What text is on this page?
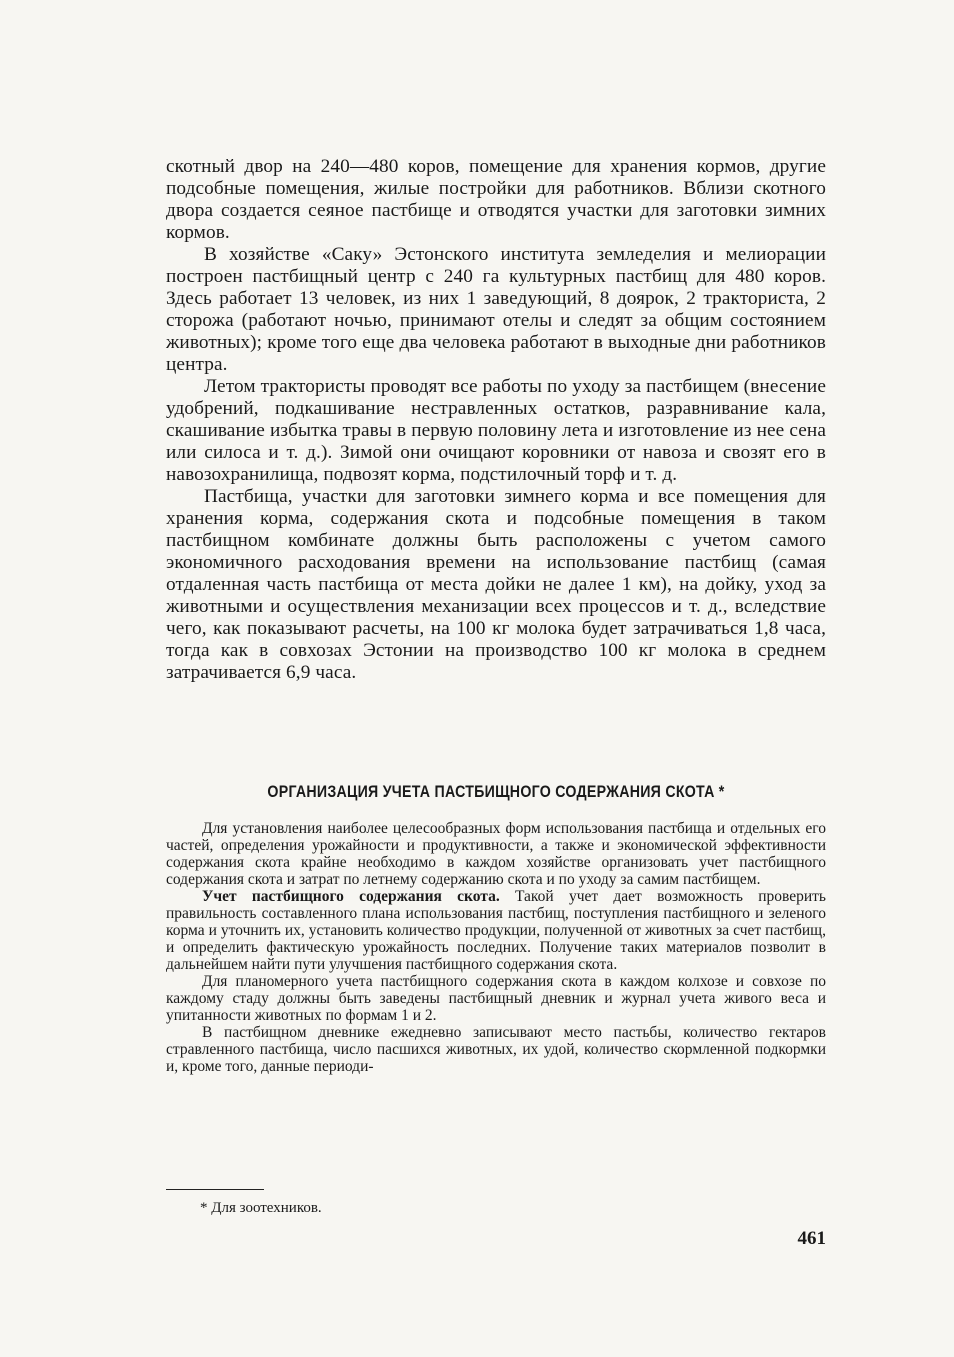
скотный двор на 240—480 коров, помещение для хранения кормов, другие подсобные помещения, жилые постройки для работников. Вблизи скотного двора создается сеяное пастбище и отводятся участки для заготовки зимних кормов.

В хозяйстве «Саку» Эстонского института земледелия и мелиорации построен пастбищный центр с 240 га культурных пастбищ для 480 коров. Здесь работает 13 человек, из них 1 заведующий, 8 доярок, 2 тракториста, 2 сторожа (работают ночью, принимают отелы и следят за общим состоянием животных); кроме того еще два человека работают в выходные дни работников центра.

Летом трактористы проводят все работы по уходу за пастбищем (внесение удобрений, подкашивание нестравленных остатков, разравнивание кала, скашивание избытка травы в первую половину лета и изготовление из нее сена или силоса и т. д.). Зимой они очищают коровники от навоза и свозят его в навозохранилища, подвозят корма, подстилочный торф и т. д.

Пастбища, участки для заготовки зимнего корма и все помещения для хранения корма, содержания скота и подсобные помещения в таком пастбищном комбинате должны быть расположены с учетом самого экономичного расходования времени на использование пастбищ (самая отдаленная часть пастбища от места дойки не далее 1 км), на дойку, уход за животными и осуществления механизации всех процессов и т. д., вследствие чего, как показывают расчеты, на 100 кг молока будет затрачиваться 1,8 часа, тогда как в совхозах Эстонии на производство 100 кг молока в среднем затрачивается 6,9 часа.

ОРГАНИЗАЦИЯ УЧЕТА ПАСТБИЩНОГО СОДЕРЖАНИЯ СКОТА *

Для установления наиболее целесообразных форм использования пастбища и отдельных его частей, определения урожайности и продуктивности, а также и экономической эффективности содержания скота крайне необходимо в каждом хозяйстве организовать учет пастбищного содержания скота и затрат по летнему содержанию скота и по уходу за самим пастбищем.

Учет пастбищного содержания скота. Такой учет дает возможность проверить правильность составленного плана использования пастбищ, поступления пастбищного и зеленого корма и уточнить их, установить количество продукции, полученной от животных за счет пастбищ, и определить фактическую урожайность последних. Получение таких материалов позволит в дальнейшем найти пути улучшения пастбищного содержания скота.

Для планомерного учета пастбищного содержания скота в каждом колхозе и совхозе по каждому стаду должны быть заведены пастбищный дневник и журнал учета живого веса и упитанности животных по формам 1 и 2.

В пастбищном дневнике ежедневно записывают место пастьбы, количество гектаров стравленного пастбища, число пасшихся животных, их удой, количество скормленной подкормки и, кроме того, данные периоди-

* Для зоотехников.
461
